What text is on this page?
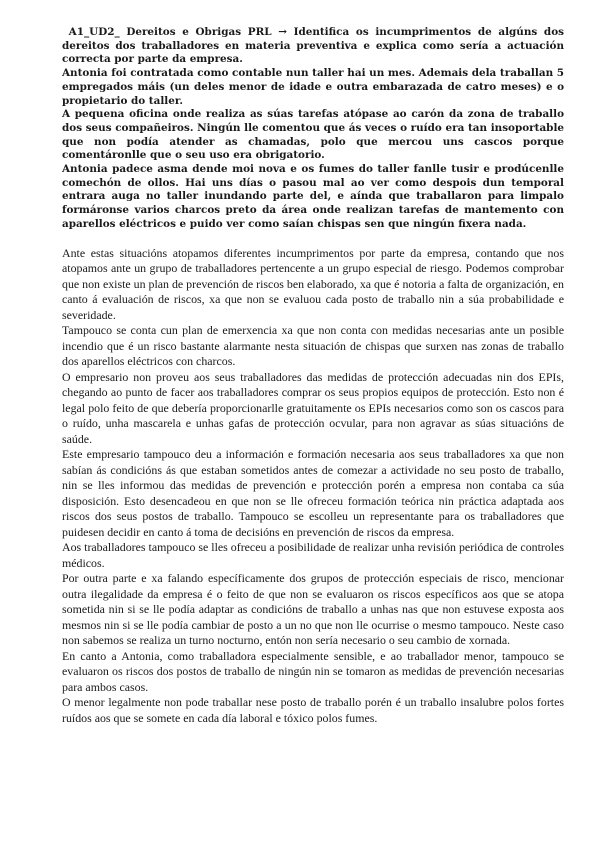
A1_UD2_ Dereitos e Obrigas PRL → Identifica os incumprimentos de algúns dos dereitos dos traballadores en materia preventiva e explica como sería a actuación correcta por parte da empresa.

Antonia foi contratada como contable nun taller hai un mes. Ademais dela traballan 5 empregados máis (un deles menor de idade e outra embarazada de catro meses) e o propietario do taller.

A pequena oficina onde realiza as súas tarefas atópase ao carón da zona de traballo dos seus compañeiros. Ningún lle comentou que ás veces o ruído era tan insoportable que non podía atender as chamadas, polo que mercou uns cascos porque comentáronlle que o seu uso era obrigatorio.

Antonia padece asma dende moi nova e os fumes do taller fanlle tusir e prodúcenlle comechón de ollos. Hai uns días o pasou mal ao ver como despois dun temporal entrara auga no taller inundando parte del, e aínda que traballaron para limpalo formáronse varios charcos preto da área onde realizan tarefas de mantemento con aparellos eléctricos e puido ver como saían chispas sen que ningún fixera nada.

Ante estas situacións atopamos diferentes incumprimentos por parte da empresa, contando que nos atopamos ante un grupo de traballadores pertencente a un grupo especial de riesgo. Podemos comprobar que non existe un plan de prevención de riscos ben elaborado, xa que é notoria a falta de organización, en canto á evaluación de riscos, xa que non se evaluou cada posto de traballo nin a súa probabilidade e severidade.

Tampouco se conta cun plan de emerxencia xa que non conta con medidas necesarias ante un posible incendio que é un risco bastante alarmante nesta situación de chispas que surxen nas zonas de traballo dos aparellos eléctricos con charcos.

O empresario non proveu aos seus traballadores das medidas de protección adecuadas nin dos EPIs, chegando ao punto de facer aos traballadores comprar os seus propios equipos de protección. Esto non é legal polo feito de que debería proporcionarlle gratuitamente os EPIs necesarios como son os cascos para o ruído, unha mascarela e unhas gafas de protección ocvular, para non agravar as súas situacións de saúde.

Este empresario tampouco deu a información e formación necesaria aos seus traballadores xa que non sabían ás condicións ás que estaban sometidos antes de comezar a actividade no seu posto de traballo, nin se lles informou das medidas de prevención e protección porén a empresa non contaba ca súa disposición. Esto desencadeou en que non se lle ofreceu formación teórica nin práctica adaptada aos riscos dos seus postos de traballo. Tampouco se escolleu un representante para os traballadores que puidesen decidir en canto á toma de decisións en prevención de riscos da empresa.

Aos traballadores tampouco se lles ofreceu a posibilidade de realizar unha revisión periódica de controles médicos.

Por outra parte e xa falando específicamente dos grupos de protección especiais de risco, mencionar outra ilegalidade da empresa é o feito de que non se evaluaron os riscos específicos aos que se atopa sometida nin si se lle podía adaptar as condicións de traballo a unhas nas que non estuvese exposta aos mesmos nin si se lle podía cambiar de posto a un no que non lle ocurrise o mesmo tampouco. Neste caso non sabemos se realiza un turno nocturno, entón non sería necesario o seu cambio de xornada.

En canto a Antonia, como traballadora especialmente sensible, e ao traballador menor, tampouco se evaluaron os riscos dos postos de traballo de ningún nin se tomaron as medidas de prevención necesarias para ambos casos.

O menor legalmente non pode traballar nese posto de traballo porén é un traballo insalubre polos fortes ruídos aos que se somete en cada día laboral e tóxico polos fumes.
